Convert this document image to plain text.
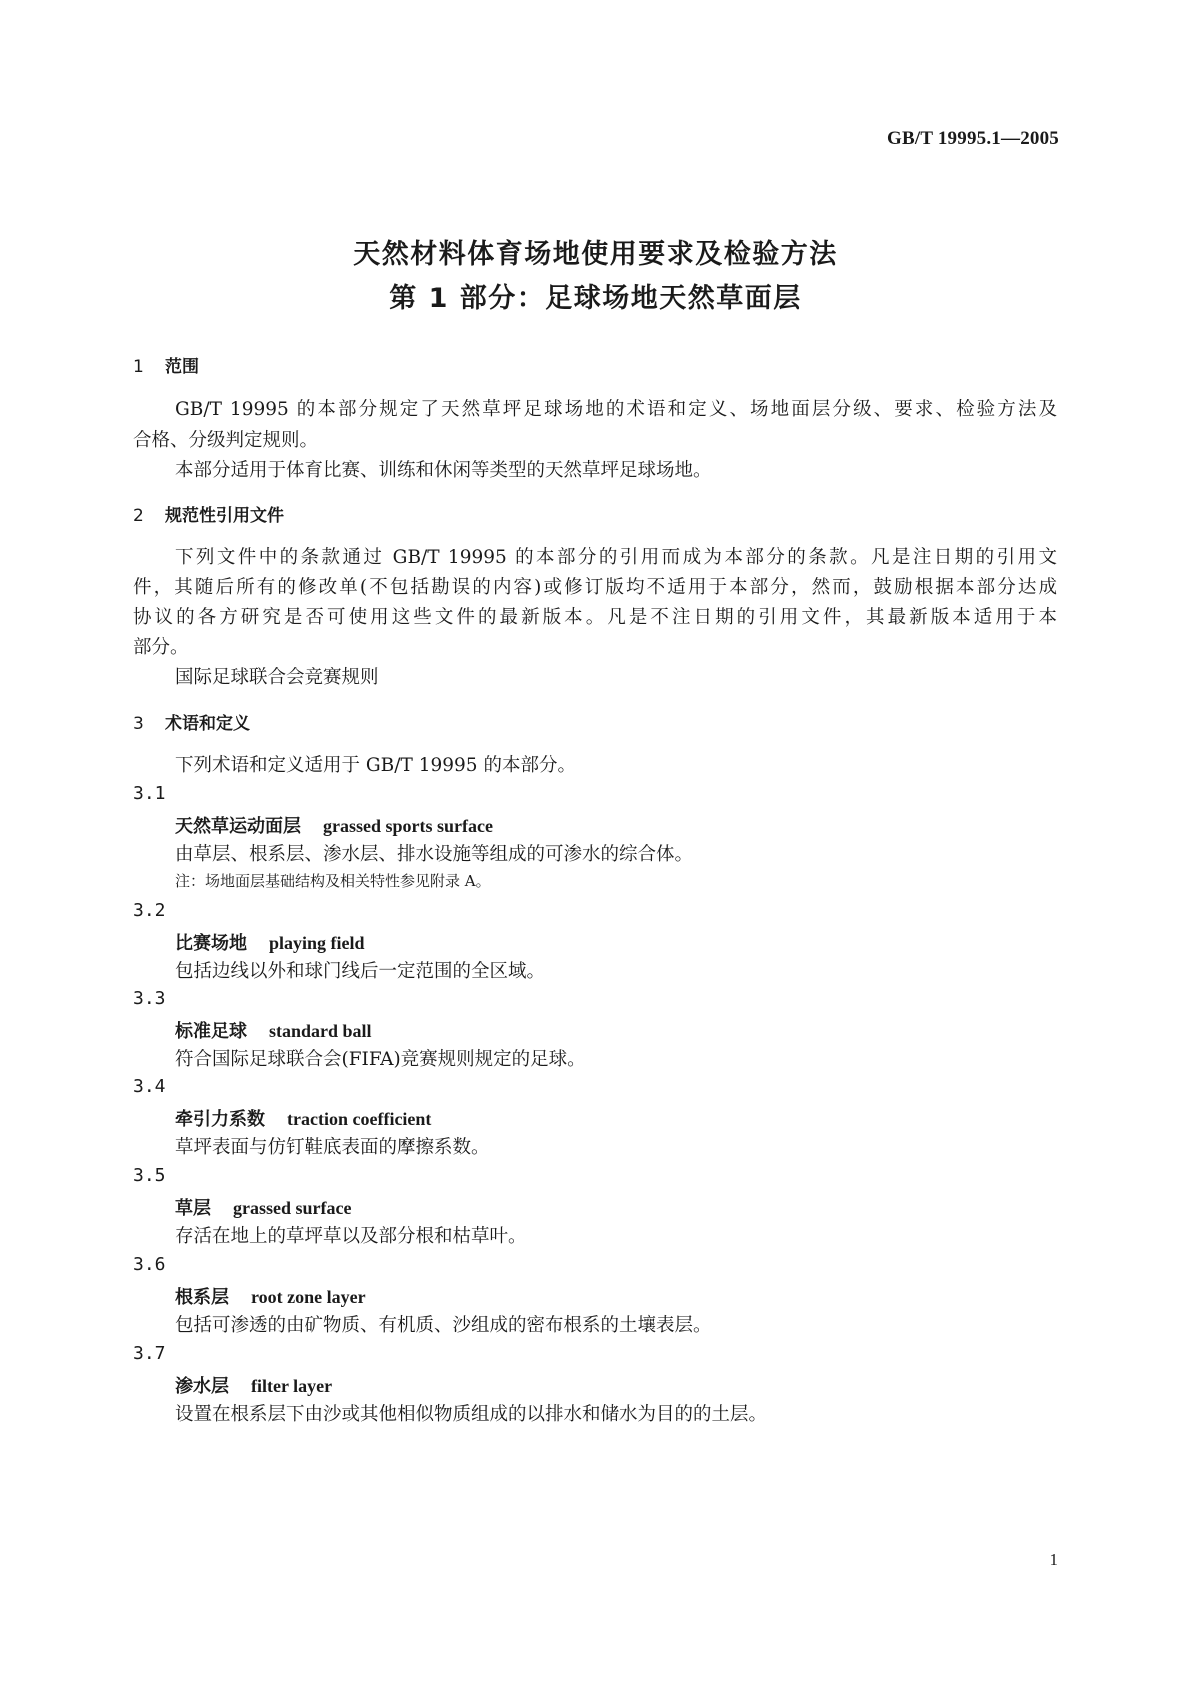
GB/T 19995.1—2005
天然材料体育场地使用要求及检验方法
第 1 部分：足球场地天然草面层
1 范围
GB/T 19995 的本部分规定了天然草坪足球场地的术语和定义、场地面层分级、要求、检验方法及
合格、分级判定规则。
本部分适用于体育比赛、训练和休闲等类型的天然草坪足球场地。
2 规范性引用文件
下列文件中的条款通过 GB/T 19995 的本部分的引用而成为本部分的条款。凡是注日期的引用文
件，其随后所有的修改单(不包括勘误的内容)或修订版均不适用于本部分，然而，鼓励根据本部分达成
协议的各方研究是否可使用这些文件的最新版本。凡是不注日期的引用文件，其最新版本适用于本
部分。
国际足球联合会竞赛规则
3 术语和定义
下列术语和定义适用于 GB/T 19995 的本部分。
3.1
天然草运动面层 grassed sports surface
由草层、根系层、渗水层、排水设施等组成的可渗水的综合体。
注：场地面层基础结构及相关特性参见附录 A。
3.2
比赛场地 playing field
包括边线以外和球门线后一定范围的全区域。
3.3
标准足球 standard ball
符合国际足球联合会(FIFA)竞赛规则规定的足球。
3.4
牵引力系数 traction coefficient
草坪表面与仿钉鞋底表面的摩擦系数。
3.5
草层 grassed surface
存活在地上的草坪草以及部分根和枯草叶。
3.6
根系层 root zone layer
包括可渗透的由矿物质、有机质、沙组成的密布根系的土壤表层。
3.7
渗水层 filter layer
设置在根系层下由沙或其他相似物质组成的以排水和储水为目的的土层。
1
